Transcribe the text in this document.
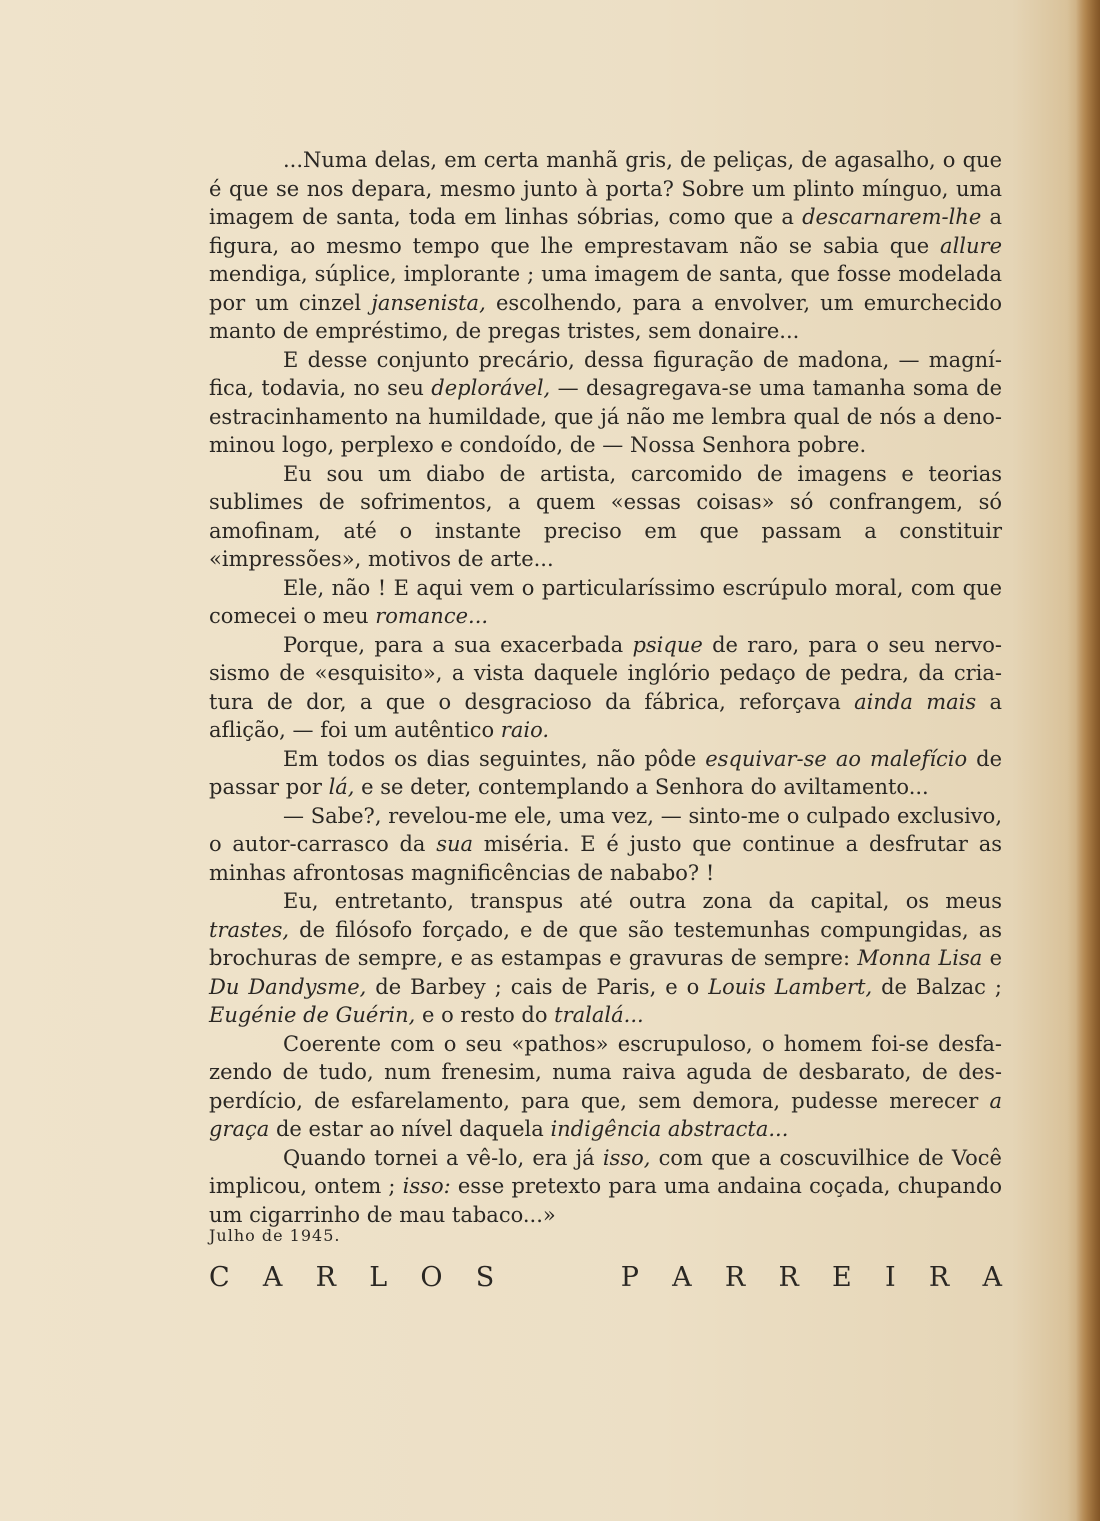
...Numa delas, em certa manhã gris, de peliças, de agasalho, o que é que se nos depara, mesmo junto à porta? Sobre um plinto mínguo, uma imagem de santa, toda em linhas sóbrias, como que a descarnarem-lhe a figura, ao mesmo tempo que lhe emprestavam não se sabia que allure mendiga, súplice, implorante ; uma imagem de santa, que fosse modelada por um cinzel jansenista, escolhendo, para a envolver, um emurchecido manto de empréstimo, de pregas tristes, sem donaire...

E desse conjunto precário, dessa figuração de madona, — magnífica, todavia, no seu deplorável, — desagregava-se uma tamanha soma de estracinhamento na humildade, que já não me lembra qual de nós a denominou logo, perplexo e condoído, de — Nossa Senhora pobre.

Eu sou um diabo de artista, carcomido de imagens e teorias sublimes de sofrimentos, a quem «essas coisas» só confrangem, só amofinam, até o instante preciso em que passam a constituir «impressões», motivos de arte...

Ele, não ! E aqui vem o particularíssimo escrúpulo moral, com que comecei o meu romance...

Porque, para a sua exacerbada psique de raro, para o seu nervosismo de «esquisito», a vista daquele inglório pedaço de pedra, da criatura de dor, a que o desgracioso da fábrica, reforçava ainda mais a aflição, — foi um autêntico raio.

Em todos os dias seguintes, não pôde esquivar-se ao malefício de passar por lá, e se deter, contemplando a Senhora do aviltamento...

— Sabe?, revelou-me ele, uma vez, — sinto-me o culpado exclusivo, o autor-carrasco da sua miséria. E é justo que continue a desfrutar as minhas afrontosas magnificências de nababo? !

Eu, entretanto, transpus até outra zona da capital, os meus trastes, de filósofo forçado, e de que são testemunhas compungidas, as brochuras de sempre, e as estampas e gravuras de sempre: Monna Lisa e Du Dandysme, de Barbey ; cais de Paris, e o Louis Lambert, de Balzac ; Eugénie de Guérin, e o resto do tralalá...

Coerente com o seu «pathos» escrupuloso, o homem foi-se desfazendo de tudo, num frenesim, numa raiva aguda de desbarato, de desperdício, de esfarelamento, para que, sem demora, pudesse merecer a graça de estar ao nível daquela indigência abstracta...

Quando tornei a vê-lo, era já isso, com que a coscuvilhice de Você implicou, ontem ; isso: esse pretexto para uma andaina coçada, chupando um cigarrinho de mau tabaco...»

Julho de 1945.
C A R L O S	P A R R E I R A
